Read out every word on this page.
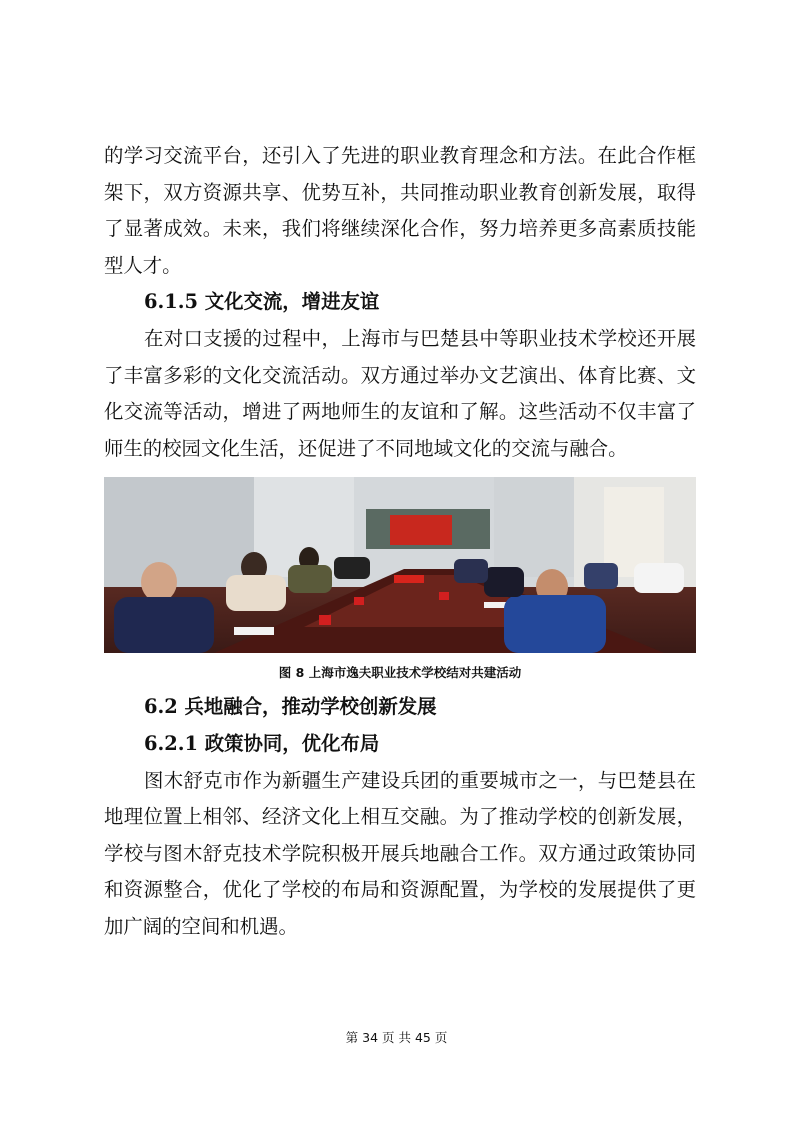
的学习交流平台，还引入了先进的职业教育理念和方法。在此合作框架下，双方资源共享、优势互补，共同推动职业教育创新发展，取得了显著成效。未来，我们将继续深化合作，努力培养更多高素质技能型人才。

6.1.5 文化交流，增进友谊

在对口支援的过程中，上海市与巴楚县中等职业技术学校还开展了丰富多彩的文化交流活动。双方通过举办文艺演出、体育比赛、文化交流等活动，增进了两地师生的友谊和了解。这些活动不仅丰富了师生的校园文化生活，还促进了不同地域文化的交流与融合。

图 8 上海市逸夫职业技术学校结对共建活动
6.2 兵地融合，推动学校创新发展
6.2.1 政策协同，优化布局

图木舒克市作为新疆生产建设兵团的重要城市之一，与巴楚县在地理位置上相邻、经济文化上相互交融。为了推动学校的创新发展，学校与图木舒克技术学院积极开展兵地融合工作。双方通过政策协同和资源整合，优化了学校的布局和资源配置，为学校的发展提供了更加广阔的空间和机遇。

第 34 页 共 45 页
